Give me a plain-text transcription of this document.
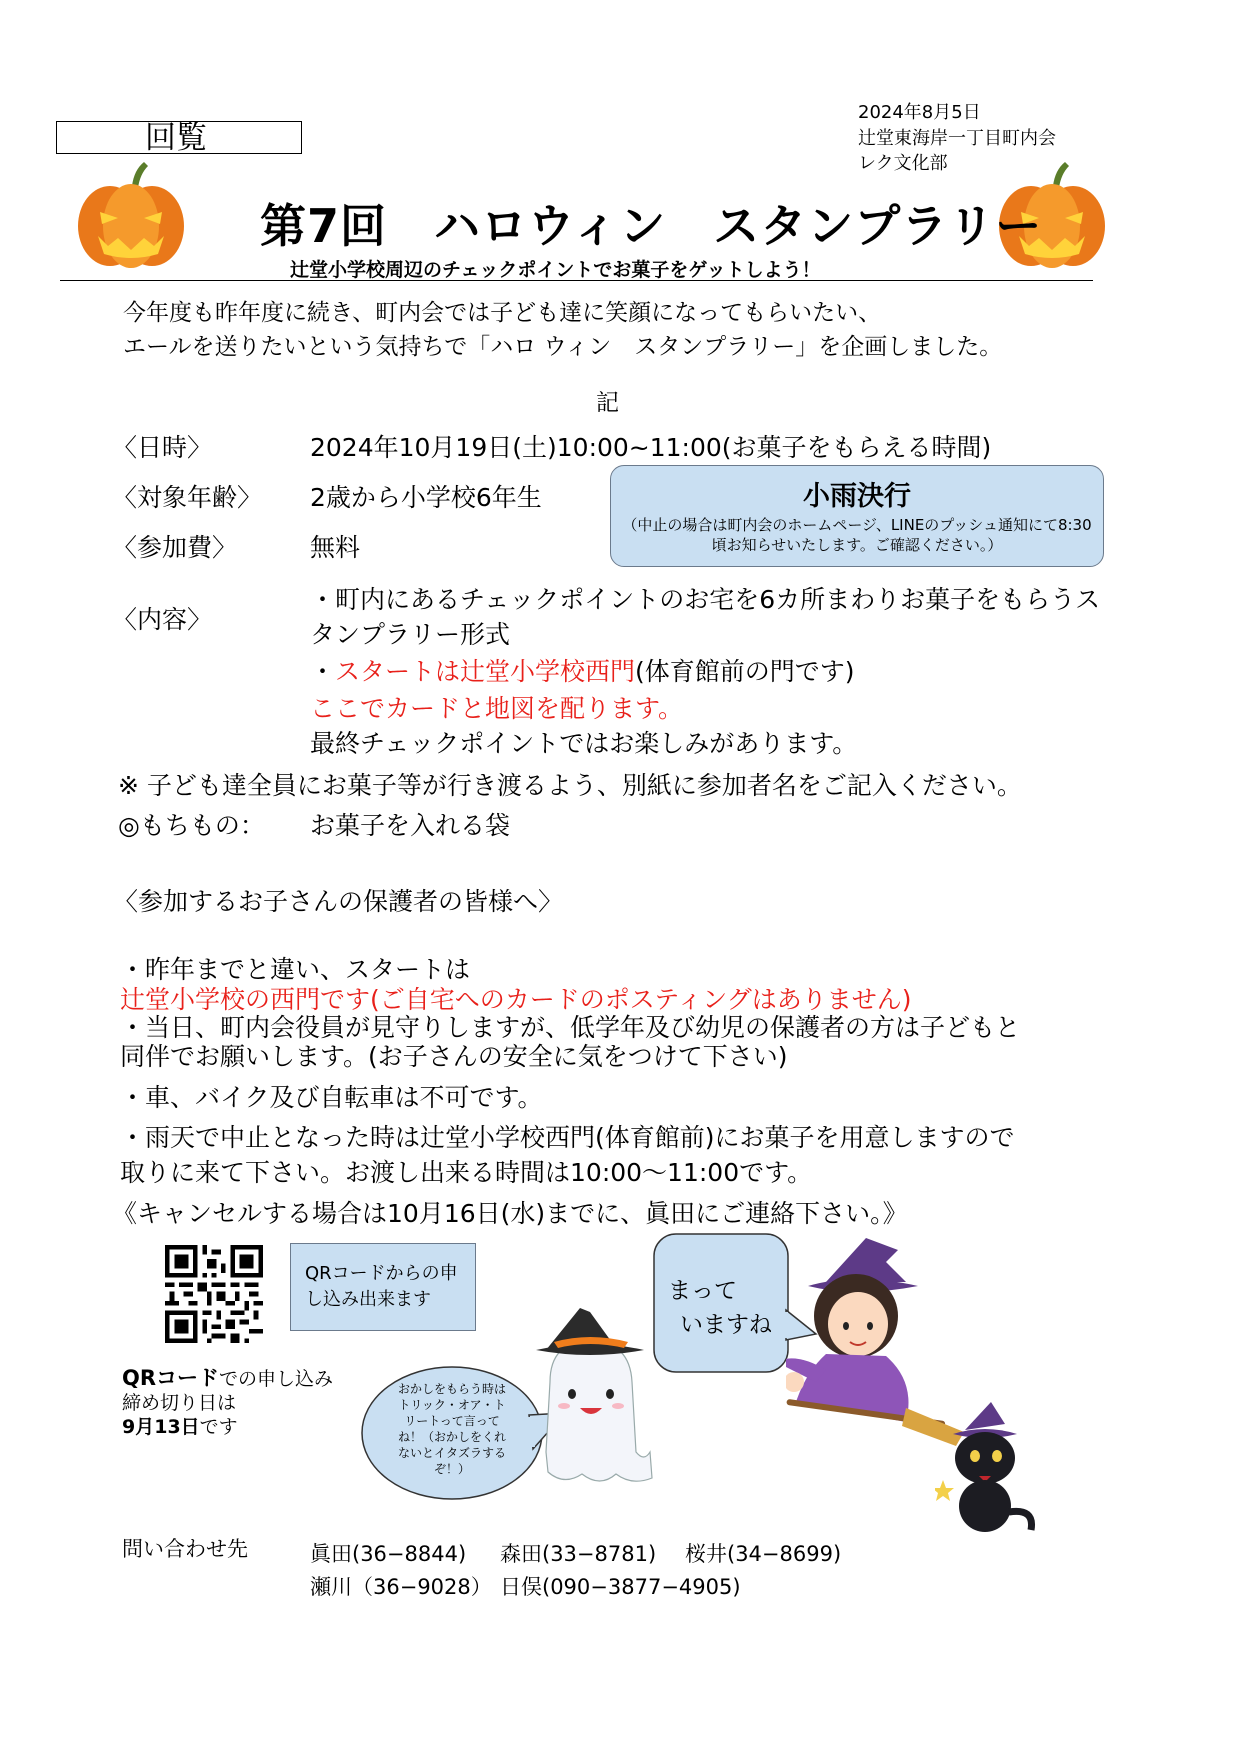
回覧
2024年8月5日
辻堂東海岸一丁目町内会
レク文化部
第7回　ハロウィン　スタンプラリー
辻堂小学校周辺のチェックポイントでお菓子をゲットしよう！
今年度も昨年度に続き、町内会では子ども達に笑顔になってもらいたい、
エールを送りたいという気持ちで「ハロ ウィン　スタンプラリー」を企画しました。
記
〈日時〉	2024年10月19日(土)10:00~11:00(お菓子をもらえる時間)
〈対象年齢〉 2歳から小学校6年生
〈参加費〉	無料
小雨決行
（中止の場合は町内会のホームページ、LINEのプッシュ通知にて8:30頃お知らせいたします。ご確認ください。）
〈内容〉
・町内にあるチェックポイントのお宅を6カ所まわりお菓子をもらうス
タンプラリー形式
・スタートは辻堂小学校西門(体育館前の門です)
ここでカードと地図を配ります。
最終チェックポイントではお楽しみがあります。
※ 子ども達全員にお菓子等が行き渡るよう、別紙に参加者名をご記入ください。
◎もちもの： お菓子を入れる袋
〈参加するお子さんの保護者の皆様へ〉
・昨年までと違い、スタートは
辻堂小学校の西門です(ご自宅へのカードのポスティングはありません)
・当日、町内会役員が見守りしますが、低学年及び幼児の保護者の方は子どもと
同伴でお願いします。(お子さんの安全に気をつけて下さい)
・車、バイク及び自転車は不可です。
・雨天で中止となった時は辻堂小学校西門(体育館前)にお菓子を用意しますので
取りに来て下さい。お渡し出来る時間は10:00〜11:00です。
《キャンセルする場合は10月16日(水)までに、眞田にご連絡下さい。》
QRコードからの申し込み出来ます
QRコードでの申し込み
締め切り日は
9月13日です
おかしをもらう時はトリック・オア・トリートって言ってね！（おかしをくれないとイタズラするぞ！）
まって
いますね
問い合わせ先	眞田(36−8844) 森田(33−8781) 桜井(34−8699)
瀬川（36−9028） 日俣(090−3877−4905)
